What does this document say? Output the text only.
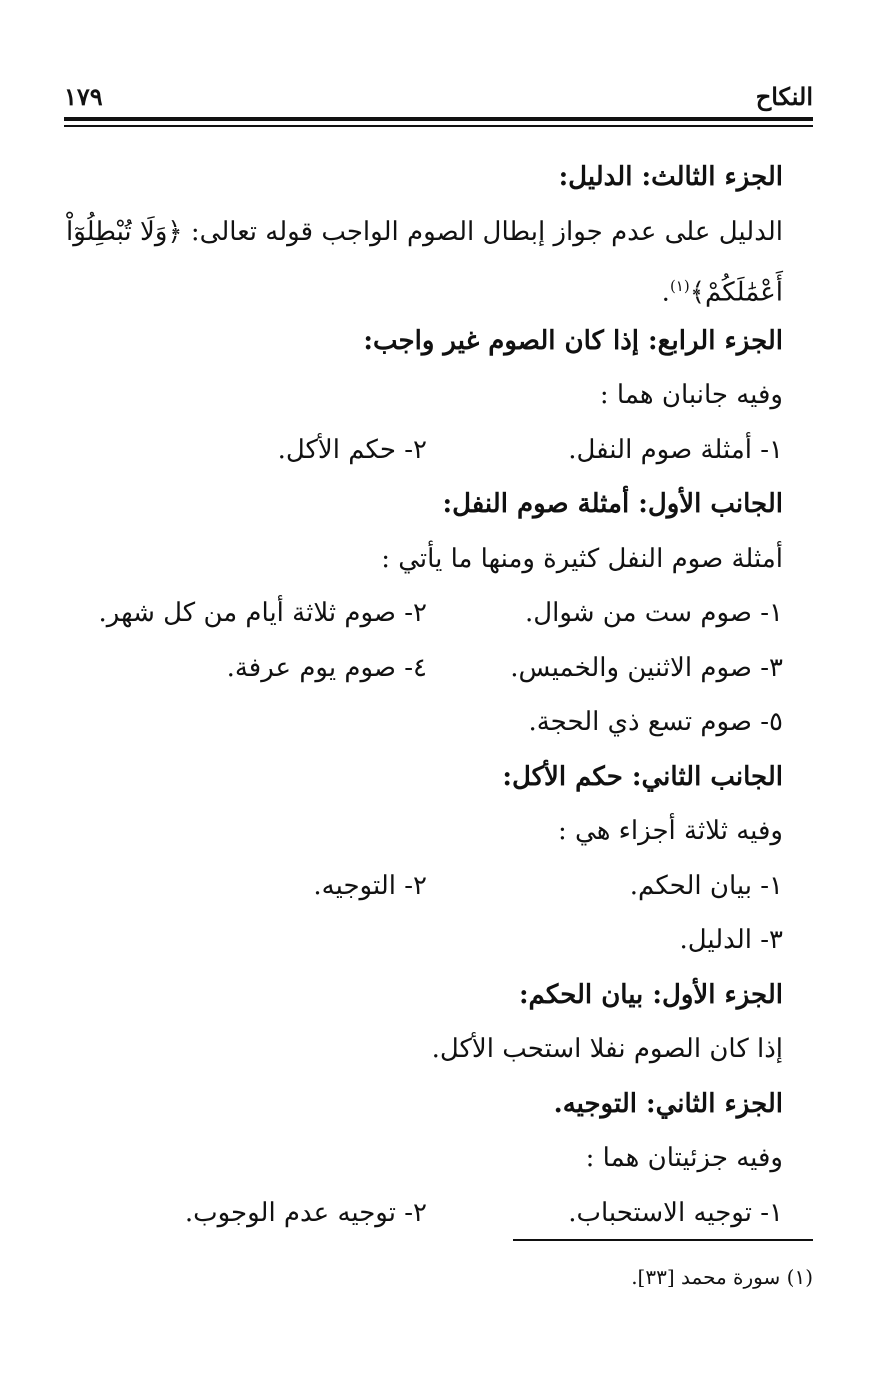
النكاح
١٧٩
الجزء الثالث: الدليل:
الدليل على عدم جواز إبطال الصوم الواجب قوله تعالى: ﴿وَلَا تُبْطِلُوٓاْ
أَعْمَٰلَكُمْ﴾$^{(١)}$.
الجزء الرابع: إذا كان الصوم غير واجب:
وفيه جانبان هما :
١- أمثلة صوم النفل.
٢- حكم الأكل.
الجانب الأول: أمثلة صوم النفل:
أمثلة صوم النفل كثيرة ومنها ما يأتي :
١- صوم ست من شوال.
٢- صوم ثلاثة أيام من كل شهر.
٣- صوم الاثنين والخميس.
٤- صوم يوم عرفة.
٥- صوم تسع ذي الحجة.
الجانب الثاني: حكم الأكل:
وفيه ثلاثة أجزاء هي :
١- بيان الحكم.
٢- التوجيه.
٣- الدليل.
الجزء الأول: بيان الحكم:
إذا كان الصوم نفلا استحب الأكل.
الجزء الثاني: التوجيه.
وفيه جزئيتان هما :
١- توجيه الاستحباب.
٢- توجيه عدم الوجوب.
(١) سورة محمد [٣٣].
